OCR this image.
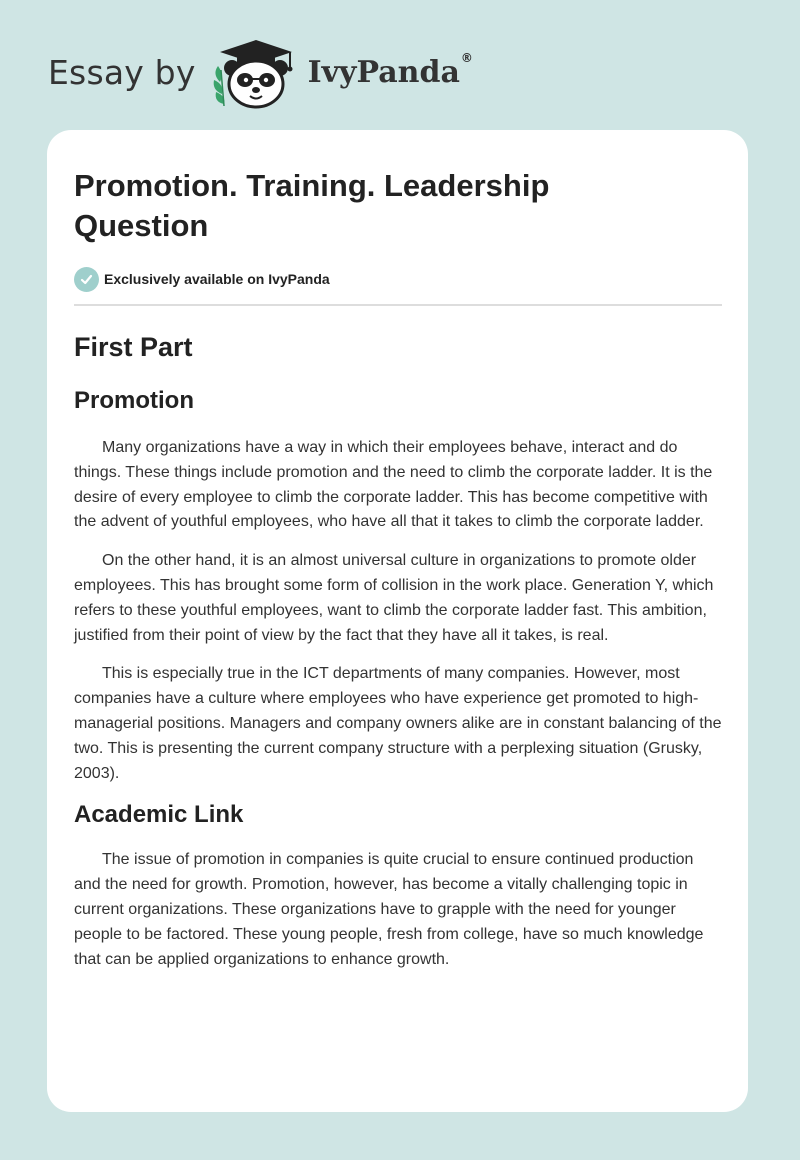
Essay by	IvyPanda®
Promotion. Training. Leadership Question
Exclusively available on IvyPanda
First Part
Promotion

Many organizations have a way in which their employees behave, interact and do things. These things include promotion and the need to climb the corporate ladder. It is the desire of every employee to climb the corporate ladder. This has become competitive with the advent of youthful employees, who have all that it takes to climb the corporate ladder.

On the other hand, it is an almost universal culture in organizations to promote older employees. This has brought some form of collision in the work place. Generation Y, which refers to these youthful employees, want to climb the corporate ladder fast. This ambition, justified from their point of view by the fact that they have all it takes, is real.

This is especially true in the ICT departments of many companies. However, most companies have a culture where employees who have experience get promoted to high-managerial positions. Managers and company owners alike are in constant balancing of the two. This is presenting the current company structure with a perplexing situation (Grusky, 2003).

Academic Link

The issue of promotion in companies is quite crucial to ensure continued production and the need for growth. Promotion, however, has become a vitally challenging topic in current organizations. These organizations have to grapple with the need for younger people to be factored. These young people, fresh from college, have so much knowledge that can be applied organizations to enhance growth.
